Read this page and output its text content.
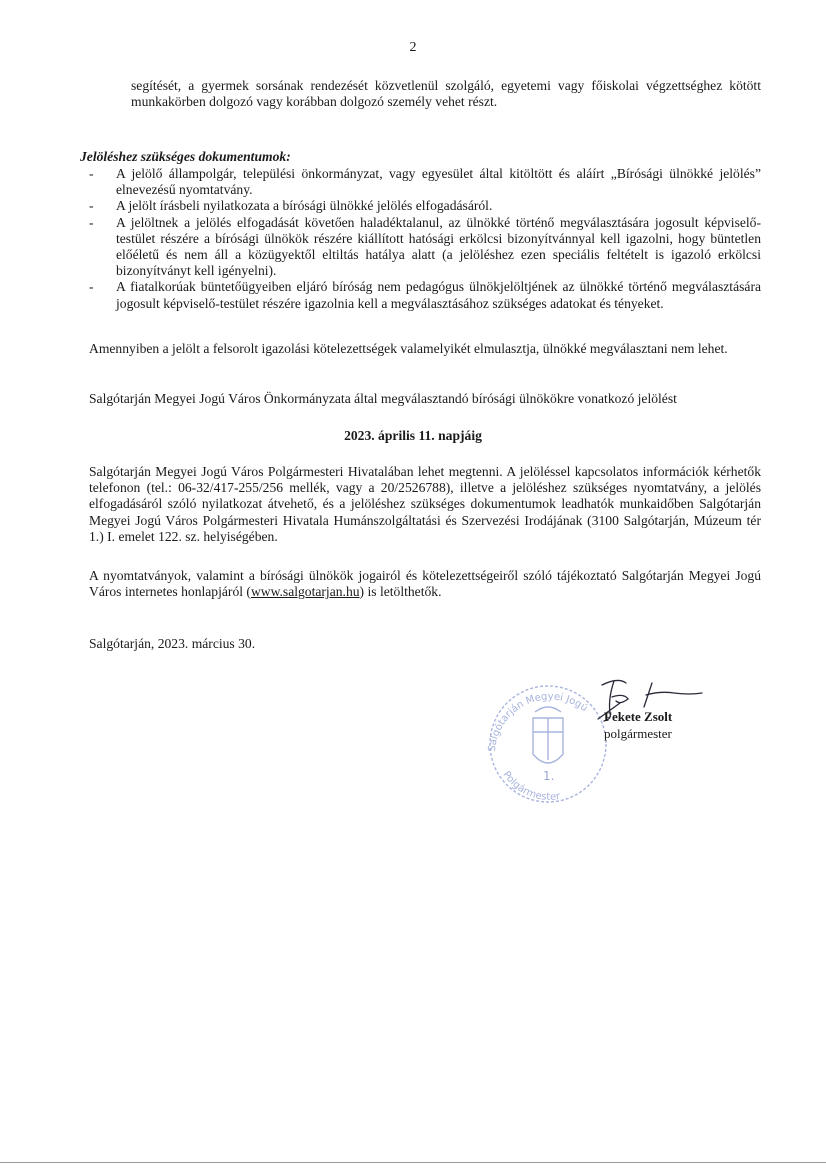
2
segítését, a gyermek sorsának rendezését közvetlenül szolgáló, egyetemi vagy főiskolai végzettséghez kötött munkakörben dolgozó vagy korábban dolgozó személy vehet részt.
Jelöléshez szükséges dokumentumok:
- A jelölő állampolgár, települési önkormányzat, vagy egyesület által kitöltött és aláírt „Bírósági ülnökké jelölés” elnevezésű nyomtatvány.
- A jelölt írásbeli nyilatkozata a bírósági ülnökké jelölés elfogadásáról.
- A jelöltnek a jelölés elfogadását követően haladéktalanul, az ülnökké történő megválasztására jogosult képviselő-testület részére a bírósági ülnökök részére kiállított hatósági erkölcsi bizonyítvánnyal kell igazolni, hogy büntetlen előéletű és nem áll a közügyektől eltiltás hatálya alatt (a jelöléshez ezen speciális feltételt is igazoló erkölcsi bizonyítványt kell igényelni).
- A fiatalkorúak büntetőügyeiben eljáró bíróság nem pedagógus ülnökjelöltjének az ülnökké történő megválasztására jogosult képviselő-testület részére igazolnia kell a megválasztásához szükséges adatokat és tényeket.
Amennyiben a jelölt a felsorolt igazolási kötelezettségek valamelyikét elmulasztja, ülnökké megválasztani nem lehet.
Salgótarján Megyei Jogú Város Önkormányzata által megválasztandó bírósági ülnökökre vonatkozó jelölést
2023. április 11. napjáig
Salgótarján Megyei Jogú Város Polgármesteri Hivatalában lehet megtenni. A jelöléssel kapcsolatos információk kérhetők telefonon (tel.: 06-32/417-255/256 mellék, vagy a 20/2526788), illetve a jelöléshez szükséges nyomtatvány, a jelölés elfogadásáról szóló nyilatkozat átvehető, és a jelöléshez szükséges dokumentumok leadhatók munkaidőben Salgótarján Megyei Jogú Város Polgármesteri Hivatala Humánszolgáltatási és Szervezési Irodájának (3100 Salgótarján, Múzeum tér 1.) I. emelet 122. sz. helyiségében.
A nyomtatványok, valamint a bírósági ülnökök jogairól és kötelezettségeiről szóló tájékoztató Salgótarján Megyei Jogú Város internetes honlapjáról (www.salgotarjan.hu) is letölthetők.
Salgótarján, 2023. március 30.
Salgótarján Megyei Jogú
Polgármester
1.
Fekete Zsolt
polgármester
